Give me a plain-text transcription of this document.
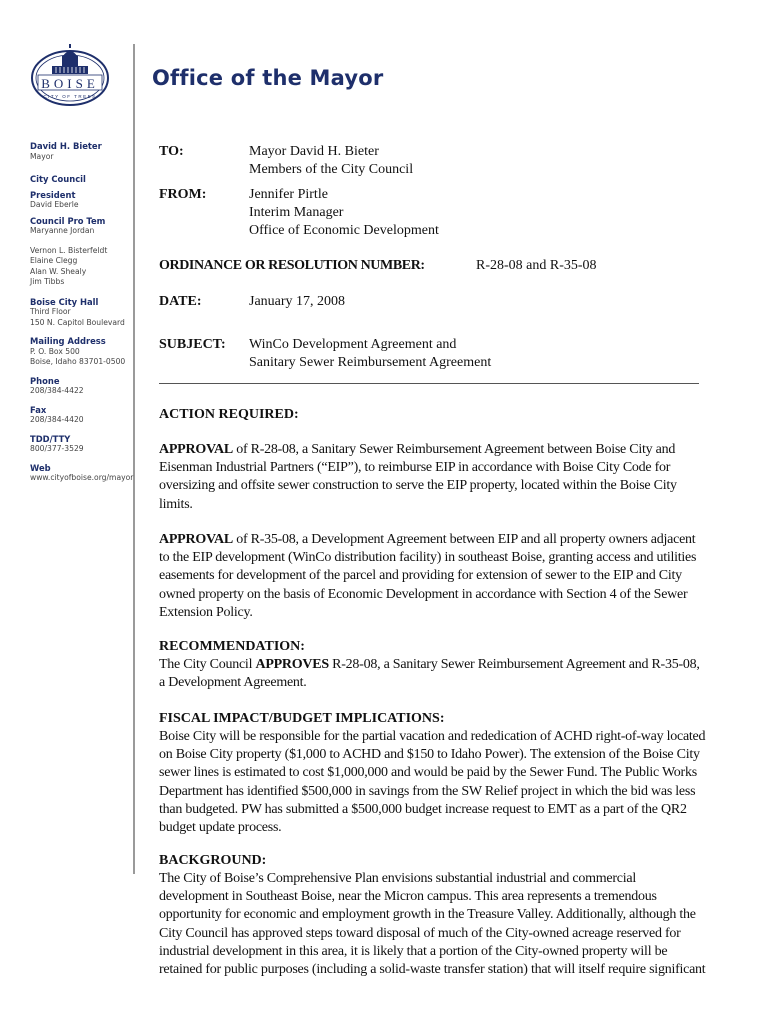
BOISE
CITY OF TREES
Office of the Mayor
David H. Bieter
Mayor
City Council
President
David Eberle
Council Pro Tem
Maryanne Jordan
Vernon L. Bisterfeldt
Elaine Clegg
Alan W. Shealy
Jim Tibbs
Boise City Hall
Third Floor
150 N. Capitol Boulevard
Mailing Address
P. O. Box 500
Boise, Idaho 83701-0500
Phone
208/384-4422
Fax
208/384-4420
TDD/TTY
800/377-3529
Web
www.cityofboise.org/mayor
TO:	Mayor David H. Bieter
Members of the City Council
FROM:	Jennifer Pirtle
Interim Manager
Office of Economic Development
ORDINANCE OR RESOLUTION NUMBER:	R-28-08 and R-35-08
DATE:	January 17, 2008
SUBJECT: WinCo Development Agreement and
Sanitary Sewer Reimbursement Agreement
ACTION REQUIRED:
APPROVAL of R-28-08, a Sanitary Sewer Reimbursement Agreement between Boise City and Eisenman Industrial Partners (“EIP”), to reimburse EIP in accordance with Boise City Code for oversizing and offsite sewer construction to serve the EIP property, located within the Boise City limits.
APPROVAL of R-35-08, a Development Agreement between EIP and all property owners adjacent to the EIP development (WinCo distribution facility) in southeast Boise, granting access and utilities easements for development of the parcel and providing for extension of sewer to the EIP and City owned property on the basis of Economic Development in accordance with Section 4 of the Sewer Extension Policy.
RECOMMENDATION:
The City Council APPROVES R-28-08, a Sanitary Sewer Reimbursement Agreement and R-35-08, a Development Agreement.
FISCAL IMPACT/BUDGET IMPLICATIONS:
Boise City will be responsible for the partial vacation and rededication of ACHD right-of-way located on Boise City property ($1,000 to ACHD and $150 to Idaho Power). The extension of the Boise City sewer lines is estimated to cost $1,000,000 and would be paid by the Sewer Fund. The Public Works Department has identified $500,000 in savings from the SW Relief project in which the bid was less than budgeted. PW has submitted a $500,000 budget increase request to EMT as a part of the QR2 budget update process.
BACKGROUND:
The City of Boise’s Comprehensive Plan envisions substantial industrial and commercial development in Southeast Boise, near the Micron campus. This area represents a tremendous opportunity for economic and employment growth in the Treasure Valley. Additionally, although the City Council has approved steps toward disposal of much of the City-owned acreage reserved for industrial development in this area, it is likely that a portion of the City-owned property will be retained for public purposes (including a solid-waste transfer station) that will itself require significant
